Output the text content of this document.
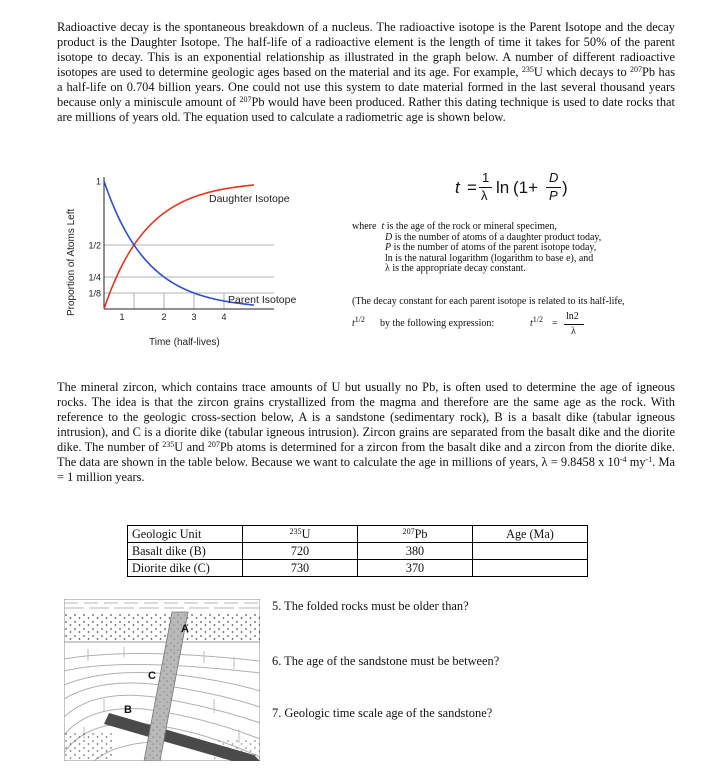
Radioactive decay is the spontaneous breakdown of a nucleus. The radioactive isotope is the Parent Isotope and the decay product is the Daughter Isotope. The half-life of a radioactive element is the length of time it takes for 50% of the parent isotope to decay. This is an exponential relationship as illustrated in the graph below. A number of different radioactive isotopes are used to determine geologic ages based on the material and its age. For example, $^{235}$U which decays to $^{207}$Pb has a half-life on 0.704 billion years. One could not use this system to date material formed in the last several thousand years because only a miniscule amount of $^{207}$Pb would have been produced. Rather this dating technique is used to date rocks that are millions of years old. The equation used to calculate a radiometric age is shown below.
1
1/2
1/4
1/8
1	2	3	4
Daughter Isotope
Parent Isotope
Time (half-lives)
Proportion of Atoms Left
t =
1
λ ln (1+
D
P )
where t is the age of the rock or mineral specimen,
D is the number of atoms of a daughter product today,
P is the number of atoms of the parent isotope today,
ln is the natural logarithm (logarithm to base e), and
λ is the appropriate decay constant.
(The decay constant for each parent isotope is related to its half-life,
$t^{1/2}$ by the following expression:	$t^{1/2}$ =
ln2
λ
The mineral zircon, which contains trace amounts of U but usually no Pb, is often used to determine the age of igneous rocks. The idea is that the zircon grains crystallized from the magma and therefore are the same age as the rock. With reference to the geologic cross-section below, A is a sandstone (sedimentary rock), B is a basalt dike (tabular igneous intrusion), and C is a diorite dike (tabular igneous intrusion). Zircon grains are separated from the basalt dike and the diorite dike. The number of $^{235}$U and $^{207}$Pb atoms is determined for a zircon from the basalt dike and a zircon from the diorite dike. The data are shown in the table below. Because we want to calculate the age in millions of years, λ = 9.8458 x $10^{-4}$ $my^{-1}$. Ma = 1 million years.
Geologic Unit	$^{235}$U	$^{207}$Pb	Age (Ma)
Basalt dike (B)	720	380	
Diorite dike (C)	730	370	
A
C
B
5. The folded rocks must be older than?
6. The age of the sandstone must be between?
7. Geologic time scale age of the sandstone?
